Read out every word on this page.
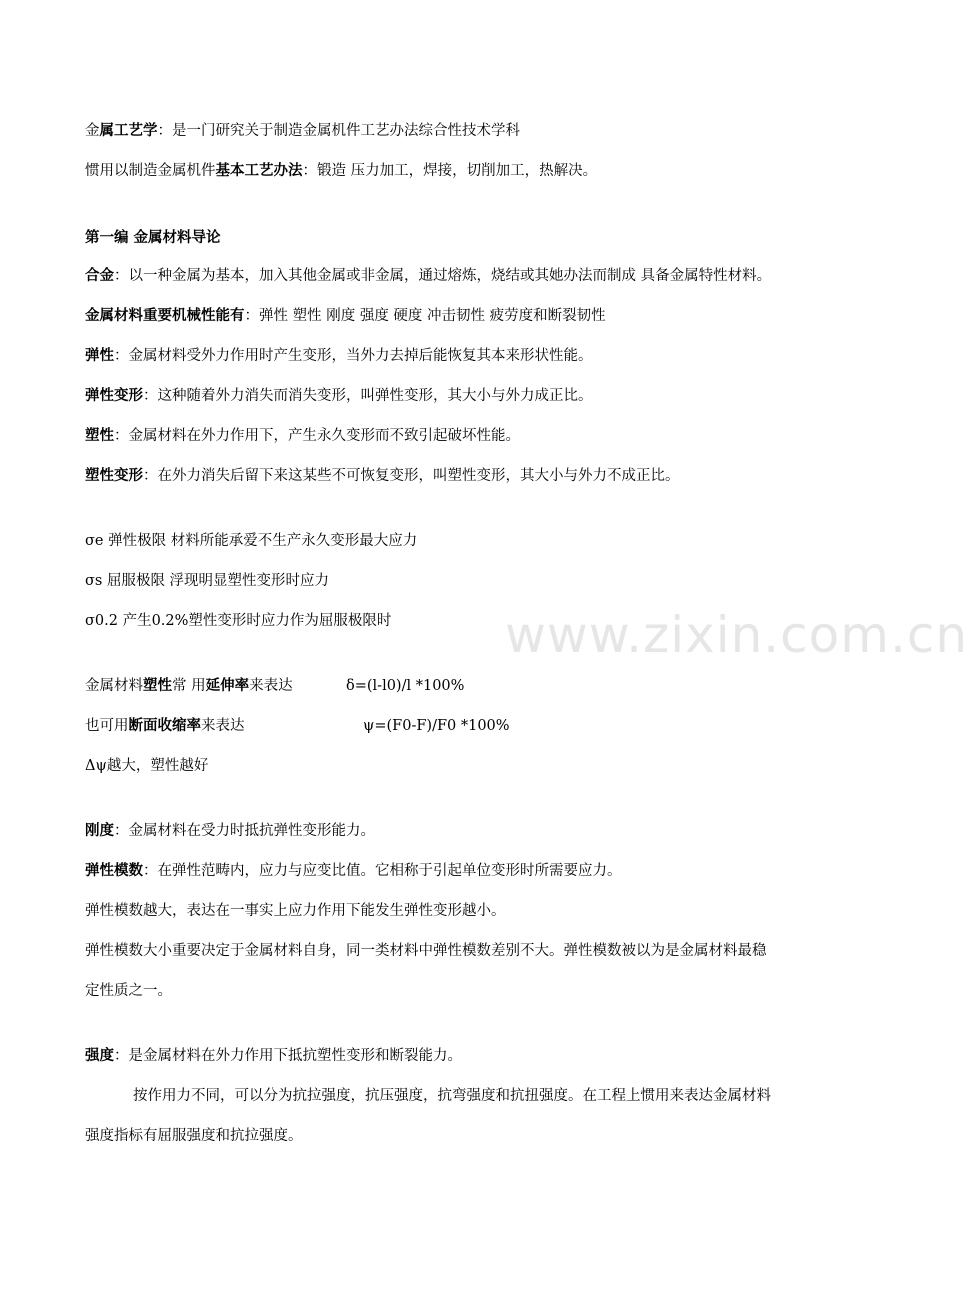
www.zixin.com.cn
金属工艺学：是一门研究关于制造金属机件工艺办法综合性技术学科
惯用以制造金属机件基本工艺办法：锻造 压力加工，焊接，切削加工，热解决。
第一编 金属材料导论
合金：以一种金属为基本，加入其他金属或非金属，通过熔炼，烧结或其她办法而制成 具备金属特性材料。
金属材料重要机械性能有：弹性 塑性 刚度 强度 硬度 冲击韧性 疲劳度和断裂韧性
弹性：金属材料受外力作用时产生变形，当外力去掉后能恢复其本来形状性能。
弹性变形：这种随着外力消失而消失变形，叫弹性变形，其大小与外力成正比。
塑性：金属材料在外力作用下，产生永久变形而不致引起破坏性能。
塑性变形：在外力消失后留下来这某些不可恢复变形，叫塑性变形，其大小与外力不成正比。
σe 弹性极限 材料所能承爱不生产永久变形最大应力
σs 屈服极限 浮现明显塑性变形时应力
σ0.2 产生0.2%塑性变形时应力作为屈服极限时
金属材料塑性常 用延伸率来表达	δ=(l-l0)/l *100%
也可用断面收缩率来表达	ψ=(F0-F)/F0 *100%
Δψ越大，塑性越好
刚度：金属材料在受力时抵抗弹性变形能力。
弹性模数：在弹性范畴内，应力与应变比值。它相称于引起单位变形时所需要应力。
弹性模数越大，表达在一事实上应力作用下能发生弹性变形越小。
弹性模数大小重要决定于金属材料自身，同一类材料中弹性模数差别不大。弹性模数被以为是金属材料最稳
定性质之一。
强度：是金属材料在外力作用下抵抗塑性变形和断裂能力。
按作用力不同，可以分为抗拉强度，抗压强度，抗弯强度和抗扭强度。在工程上惯用来表达金属材料
强度指标有屈服强度和抗拉强度。
